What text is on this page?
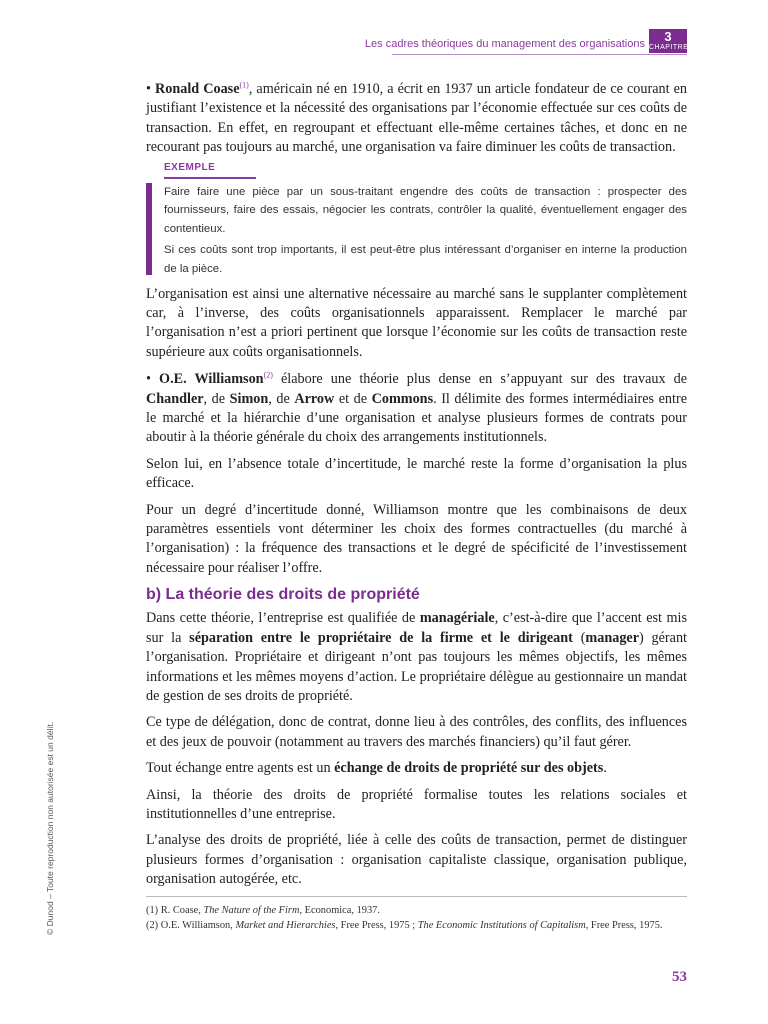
Les cadres théoriques du management des organisations	3
CHAPITRE

• Ronald Coase$^{(1)}$, américain né en 1910, a écrit en 1937 un article fondateur de ce courant en justifiant l’existence et la nécessité des organisations par l’économie effectuée sur ces coûts de transaction. En effet, en regroupant et effectuant elle-même certaines tâches, et donc en ne recourant pas toujours au marché, une organisation va faire diminuer les coûts de transaction.

EXEMPLE

Faire faire une pièce par un sous-traitant engendre des coûts de transaction : prospecter des fournisseurs, faire des essais, négocier les contrats, contrôler la qualité, éventuellement engager des contentieux.

Si ces coûts sont trop importants, il est peut-être plus intéressant d’organiser en interne la production de la pièce.

L’organisation est ainsi une alternative nécessaire au marché sans le supplanter complètement car, à l’inverse, des coûts organisationnels apparaissent. Remplacer le marché par l’organisation n’est a priori pertinent que lorsque l’économie sur les coûts de transaction reste supérieure aux coûts organisationnels.

• O.E. Williamson$^{(2)}$ élabore une théorie plus dense en s’appuyant sur des travaux de Chandler, de Simon, de Arrow et de Commons. Il délimite des formes intermédiaires entre le marché et la hiérarchie d’une organisation et analyse plusieurs formes de contrats pour aboutir à la théorie générale du choix des arrangements institutionnels.

Selon lui, en l’absence totale d’incertitude, le marché reste la forme d’organisation la plus efficace.

Pour un degré d’incertitude donné, Williamson montre que les combinaisons de deux paramètres essentiels vont déterminer les choix des formes contractuelles (du marché à l’organisation) : la fréquence des transactions et le degré de spécificité de l’investissement nécessaire pour réaliser l’offre.

b) La théorie des droits de propriété

Dans cette théorie, l’entreprise est qualifiée de managériale, c’est-à-dire que l’accent est mis sur la séparation entre le propriétaire de la firme et le dirigeant (manager) gérant l’organisation. Propriétaire et dirigeant n’ont pas toujours les mêmes objectifs, les mêmes informations et les mêmes moyens d’action. Le propriétaire délègue au gestionnaire un mandat de gestion de ses droits de propriété.

Ce type de délégation, donc de contrat, donne lieu à des contrôles, des conflits, des influences et des jeux de pouvoir (notamment au travers des marchés financiers) qu’il faut gérer.

Tout échange entre agents est un échange de droits de propriété sur des objets.

Ainsi, la théorie des droits de propriété formalise toutes les relations sociales et institutionnelles d’une entreprise.

L’analyse des droits de propriété, liée à celle des coûts de transaction, permet de distinguer plusieurs formes d’organisation : organisation capitaliste classique, organisation publique, organisation autogérée, etc.

(1) R. Coase, The Nature of the Firm, Economica, 1937.
(2) O.E. Williamson, Market and Hierarchies, Free Press, 1975 ; The Economic Institutions of Capitalism, Free Press, 1975.
© Dunod – Toute reproduction non autorisée est un délit.
53
